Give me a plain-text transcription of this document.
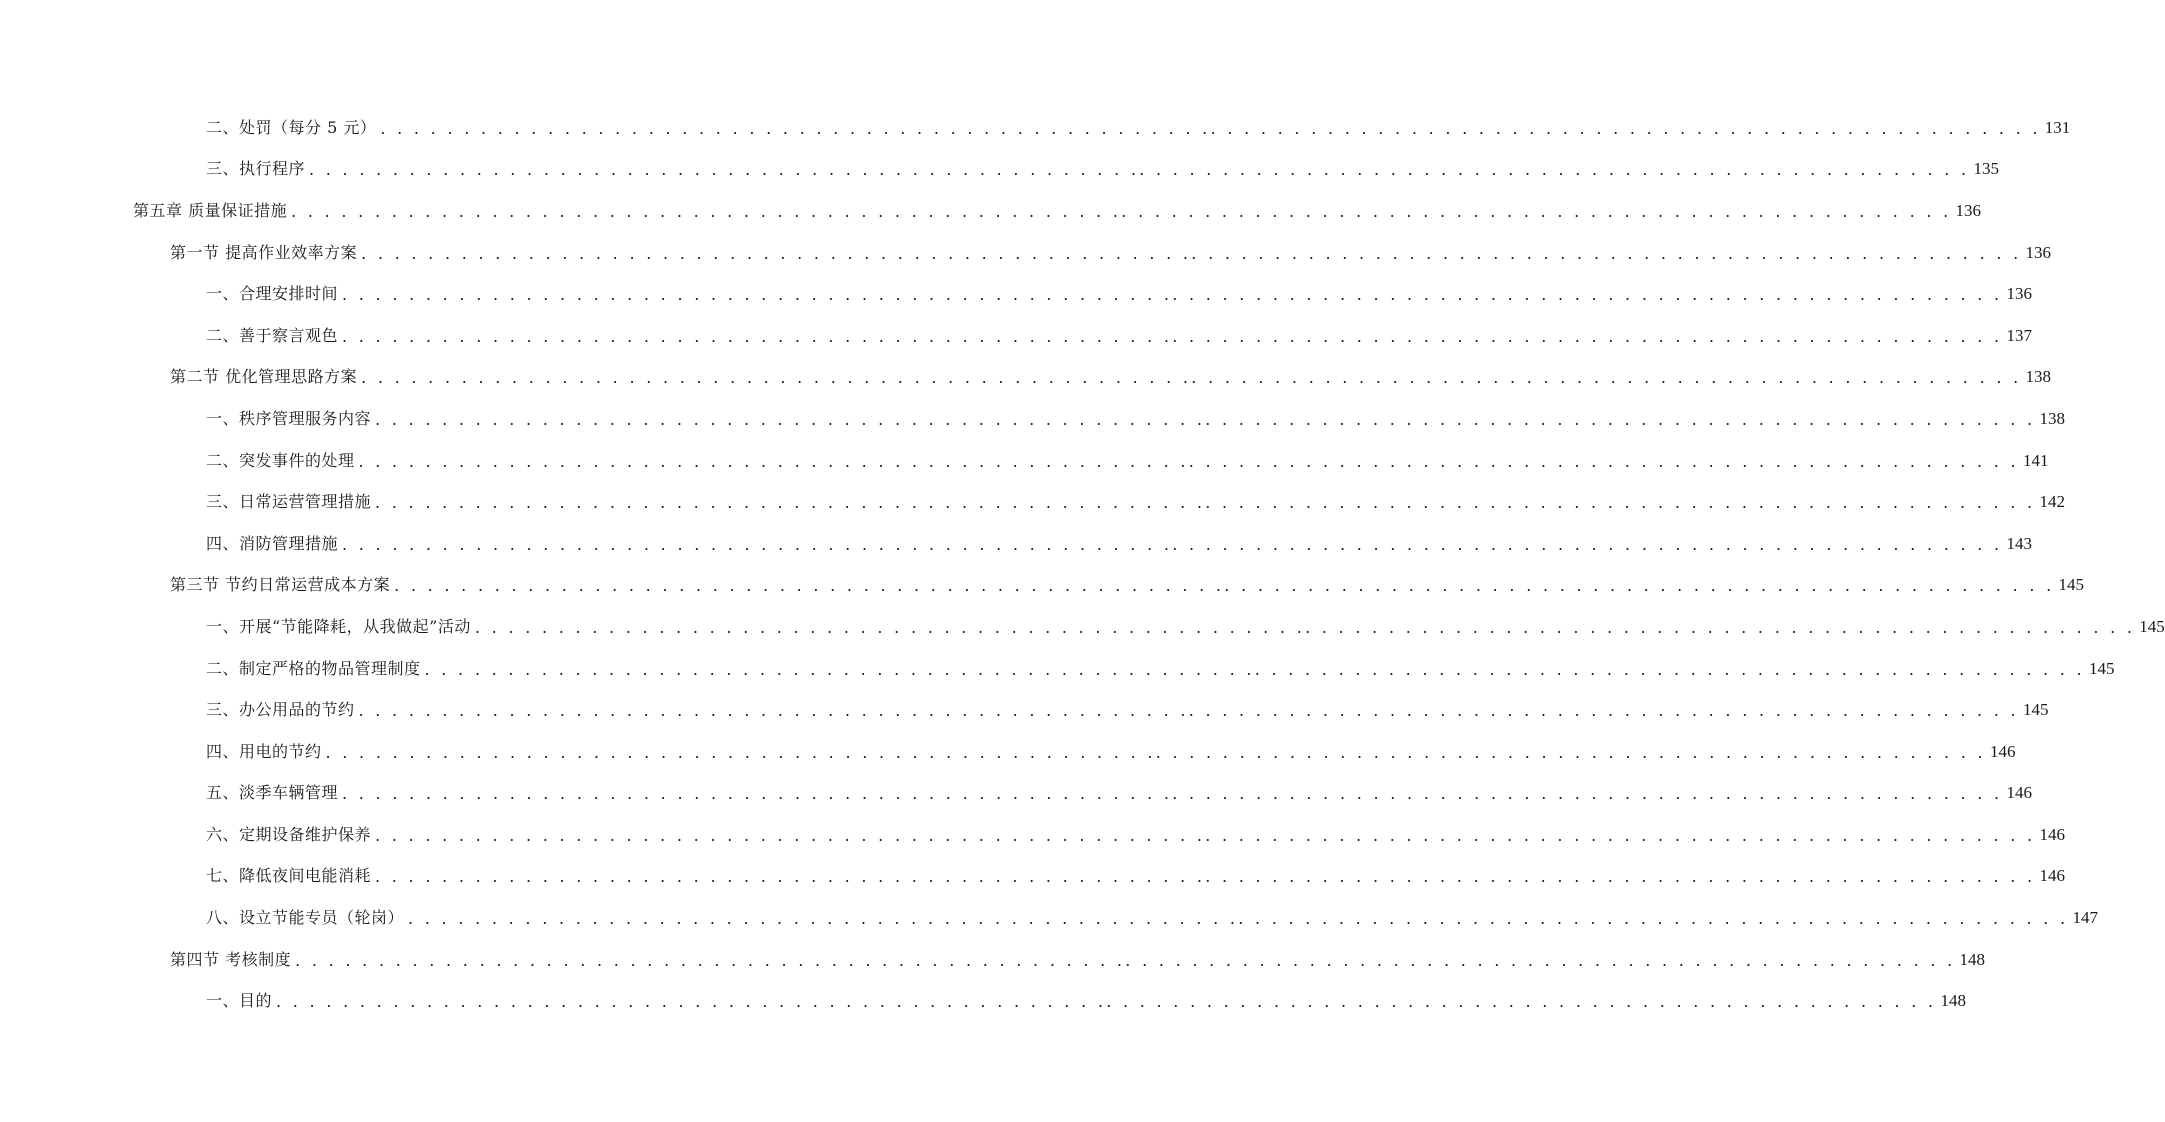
二、处罚（每分 5 元） . . . . . . . . . . . . . . . . . . . . . . . . . . . . . . . . . . . . . . . . . . . . . . . . . .. . . . . . . . . . . . . . . . . . . . . . . . . . . . . . . . . . . . . . . . . . . . . . . . . . 131
三、执行程序 . . . . . . . . . . . . . . . . . . . . . . . . . . . . . . . . . . . . . . . . . . . . . . . . . .. . . . . . . . . . . . . . . . . . . . . . . . . . . . . . . . . . . . . . . . . . . . . . . . . . 135
第五章 质量保证措施 . . . . . . . . . . . . . . . . . . . . . . . . . . . . . . . . . . . . . . . . . . . . . . . . . .. . . . . . . . . . . . . . . . . . . . . . . . . . . . . . . . . . . . . . . . . . . . . . . . . . 136
第一节 提高作业效率方案 . . . . . . . . . . . . . . . . . . . . . . . . . . . . . . . . . . . . . . . . . . . . . . . . . .. . . . . . . . . . . . . . . . . . . . . . . . . . . . . . . . . . . . . . . . . . . . . . . . . . 136
一、合理安排时间 . . . . . . . . . . . . . . . . . . . . . . . . . . . . . . . . . . . . . . . . . . . . . . . . . .. . . . . . . . . . . . . . . . . . . . . . . . . . . . . . . . . . . . . . . . . . . . . . . . . . 136
二、善于察言观色 . . . . . . . . . . . . . . . . . . . . . . . . . . . . . . . . . . . . . . . . . . . . . . . . . .. . . . . . . . . . . . . . . . . . . . . . . . . . . . . . . . . . . . . . . . . . . . . . . . . . 137
第二节 优化管理思路方案 . . . . . . . . . . . . . . . . . . . . . . . . . . . . . . . . . . . . . . . . . . . . . . . . . .. . . . . . . . . . . . . . . . . . . . . . . . . . . . . . . . . . . . . . . . . . . . . . . . . . 138
一、秩序管理服务内容 . . . . . . . . . . . . . . . . . . . . . . . . . . . . . . . . . . . . . . . . . . . . . . . . . .. . . . . . . . . . . . . . . . . . . . . . . . . . . . . . . . . . . . . . . . . . . . . . . . . . 138
二、突发事件的处理 . . . . . . . . . . . . . . . . . . . . . . . . . . . . . . . . . . . . . . . . . . . . . . . . . .. . . . . . . . . . . . . . . . . . . . . . . . . . . . . . . . . . . . . . . . . . . . . . . . . . 141
三、日常运营管理措施 . . . . . . . . . . . . . . . . . . . . . . . . . . . . . . . . . . . . . . . . . . . . . . . . . .. . . . . . . . . . . . . . . . . . . . . . . . . . . . . . . . . . . . . . . . . . . . . . . . . . 142
四、消防管理措施 . . . . . . . . . . . . . . . . . . . . . . . . . . . . . . . . . . . . . . . . . . . . . . . . . .. . . . . . . . . . . . . . . . . . . . . . . . . . . . . . . . . . . . . . . . . . . . . . . . . . 143
第三节 节约日常运营成本方案 . . . . . . . . . . . . . . . . . . . . . . . . . . . . . . . . . . . . . . . . . . . . . . . . . .. . . . . . . . . . . . . . . . . . . . . . . . . . . . . . . . . . . . . . . . . . . . . . . . . . 145
一、开展“节能降耗，从我做起”活动 . . . . . . . . . . . . . . . . . . . . . . . . . . . . . . . . . . . . . . . . . . . . . . . . . .. . . . . . . . . . . . . . . . . . . . . . . . . . . . . . . . . . . . . . . . . . . . . . . . . . 145
二、制定严格的物品管理制度 . . . . . . . . . . . . . . . . . . . . . . . . . . . . . . . . . . . . . . . . . . . . . . . . . .. . . . . . . . . . . . . . . . . . . . . . . . . . . . . . . . . . . . . . . . . . . . . . . . . . 145
三、办公用品的节约 . . . . . . . . . . . . . . . . . . . . . . . . . . . . . . . . . . . . . . . . . . . . . . . . . .. . . . . . . . . . . . . . . . . . . . . . . . . . . . . . . . . . . . . . . . . . . . . . . . . . 145
四、用电的节约 . . . . . . . . . . . . . . . . . . . . . . . . . . . . . . . . . . . . . . . . . . . . . . . . . .. . . . . . . . . . . . . . . . . . . . . . . . . . . . . . . . . . . . . . . . . . . . . . . . . . 146
五、淡季车辆管理 . . . . . . . . . . . . . . . . . . . . . . . . . . . . . . . . . . . . . . . . . . . . . . . . . .. . . . . . . . . . . . . . . . . . . . . . . . . . . . . . . . . . . . . . . . . . . . . . . . . . 146
六、定期设备维护保养 . . . . . . . . . . . . . . . . . . . . . . . . . . . . . . . . . . . . . . . . . . . . . . . . . .. . . . . . . . . . . . . . . . . . . . . . . . . . . . . . . . . . . . . . . . . . . . . . . . . . 146
七、降低夜间电能消耗 . . . . . . . . . . . . . . . . . . . . . . . . . . . . . . . . . . . . . . . . . . . . . . . . . .. . . . . . . . . . . . . . . . . . . . . . . . . . . . . . . . . . . . . . . . . . . . . . . . . . 146
八、设立节能专员（轮岗） . . . . . . . . . . . . . . . . . . . . . . . . . . . . . . . . . . . . . . . . . . . . . . . . . .. . . . . . . . . . . . . . . . . . . . . . . . . . . . . . . . . . . . . . . . . . . . . . . . . . 147
第四节 考核制度 . . . . . . . . . . . . . . . . . . . . . . . . . . . . . . . . . . . . . . . . . . . . . . . . . .. . . . . . . . . . . . . . . . . . . . . . . . . . . . . . . . . . . . . . . . . . . . . . . . . . 148
一、目的 . . . . . . . . . . . . . . . . . . . . . . . . . . . . . . . . . . . . . . . . . . . . . . . . . .. . . . . . . . . . . . . . . . . . . . . . . . . . . . . . . . . . . . . . . . . . . . . . . . . . 148
